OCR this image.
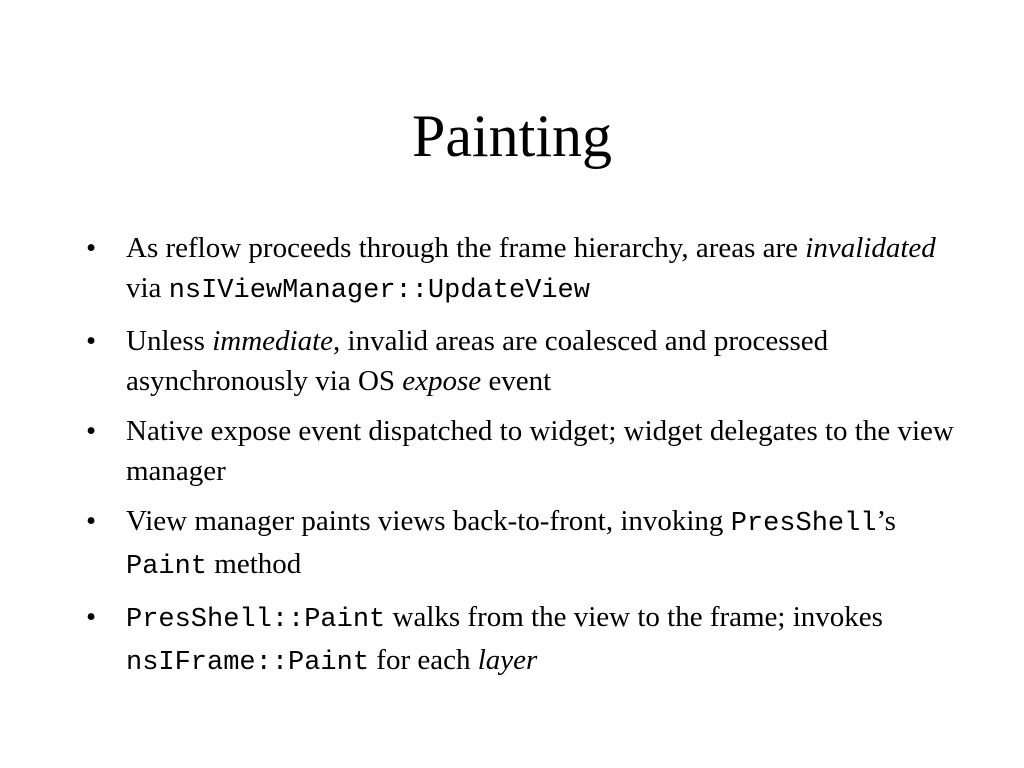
Painting
• As reflow proceeds through the frame hierarchy, areas are invalidated via nsIViewManager::UpdateView
• Unless immediate, invalid areas are coalesced and processed asynchronously via OS expose event
• Native expose event dispatched to widget; widget delegates to the view manager
• View manager paints views back-to-front, invoking PresShell’s Paint method
• PresShell::Paint walks from the view to the frame; invokes nsIFrame::Paint for each layer
